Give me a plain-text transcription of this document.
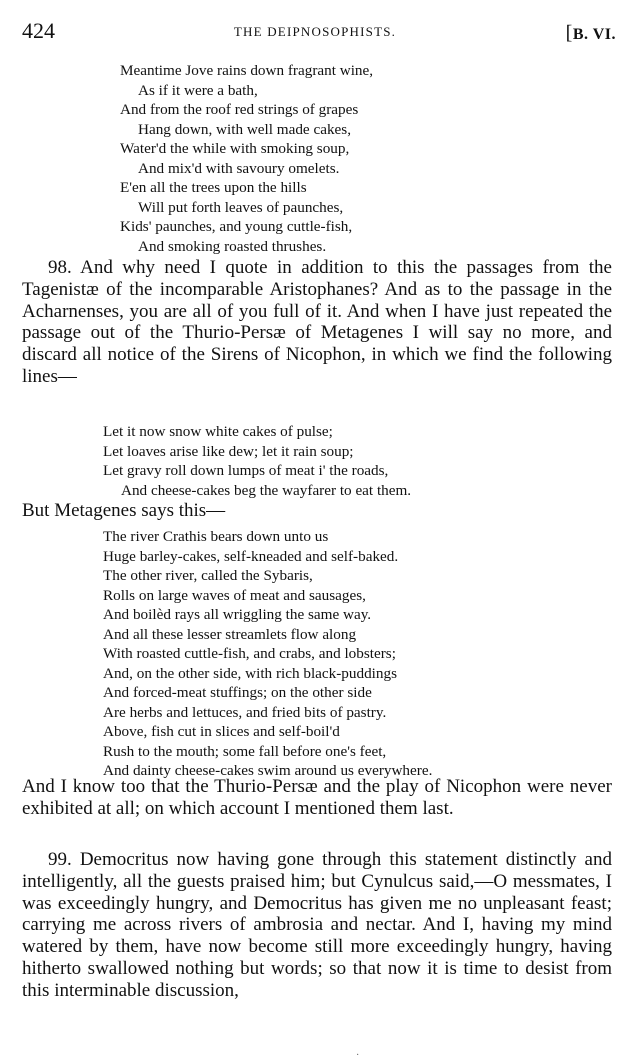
424	THE DEIPNOSOPHISTS.	[B. VI.
Meantime Jove rains down fragrant wine,
As if it were a bath,
And from the roof red strings of grapes
Hang down, with well made cakes,
Water'd the while with smoking soup,
And mix'd with savoury omelets.
E'en all the trees upon the hills
Will put forth leaves of paunches,
Kids' paunches, and young cuttle-fish,
And smoking roasted thrushes.

98. And why need I quote in addition to this the passages from the Tagenistæ of the incomparable Aristophanes? And as to the passage in the Acharnenses, you are all of you full of it. And when I have just repeated the passage out of the Thurio-Persæ of Metagenes I will say no more, and discard all notice of the Sirens of Nicophon, in which we find the following lines—

Let it now snow white cakes of pulse;
Let loaves arise like dew; let it rain soup;
Let gravy roll down lumps of meat i' the roads,
And cheese-cakes beg the wayfarer to eat them.

But Metagenes says this—

The river Crathis bears down unto us
Huge barley-cakes, self-kneaded and self-baked.
The other river, called the Sybaris,
Rolls on large waves of meat and sausages,
And boilèd rays all wriggling the same way.
And all these lesser streamlets flow along
With roasted cuttle-fish, and crabs, and lobsters;
And, on the other side, with rich black-puddings
And forced-meat stuffings; on the other side
Are herbs and lettuces, and fried bits of pastry.
Above, fish cut in slices and self-boil'd
Rush to the mouth; some fall before one's feet,
And dainty cheese-cakes swim around us everywhere.

And I know too that the Thurio-Persæ and the play of Nicophon were never exhibited at all; on which account I mentioned them last.

99. Democritus now having gone through this statement distinctly and intelligently, all the guests praised him; but Cynulcus said,—O messmates, I was exceedingly hungry, and Democritus has given me no unpleasant feast; carrying me across rivers of ambrosia and nectar. And I, having my mind watered by them, have now become still more exceedingly hungry, having hitherto swallowed nothing but words; so that now it is time to desist from this interminable discussion,

·
